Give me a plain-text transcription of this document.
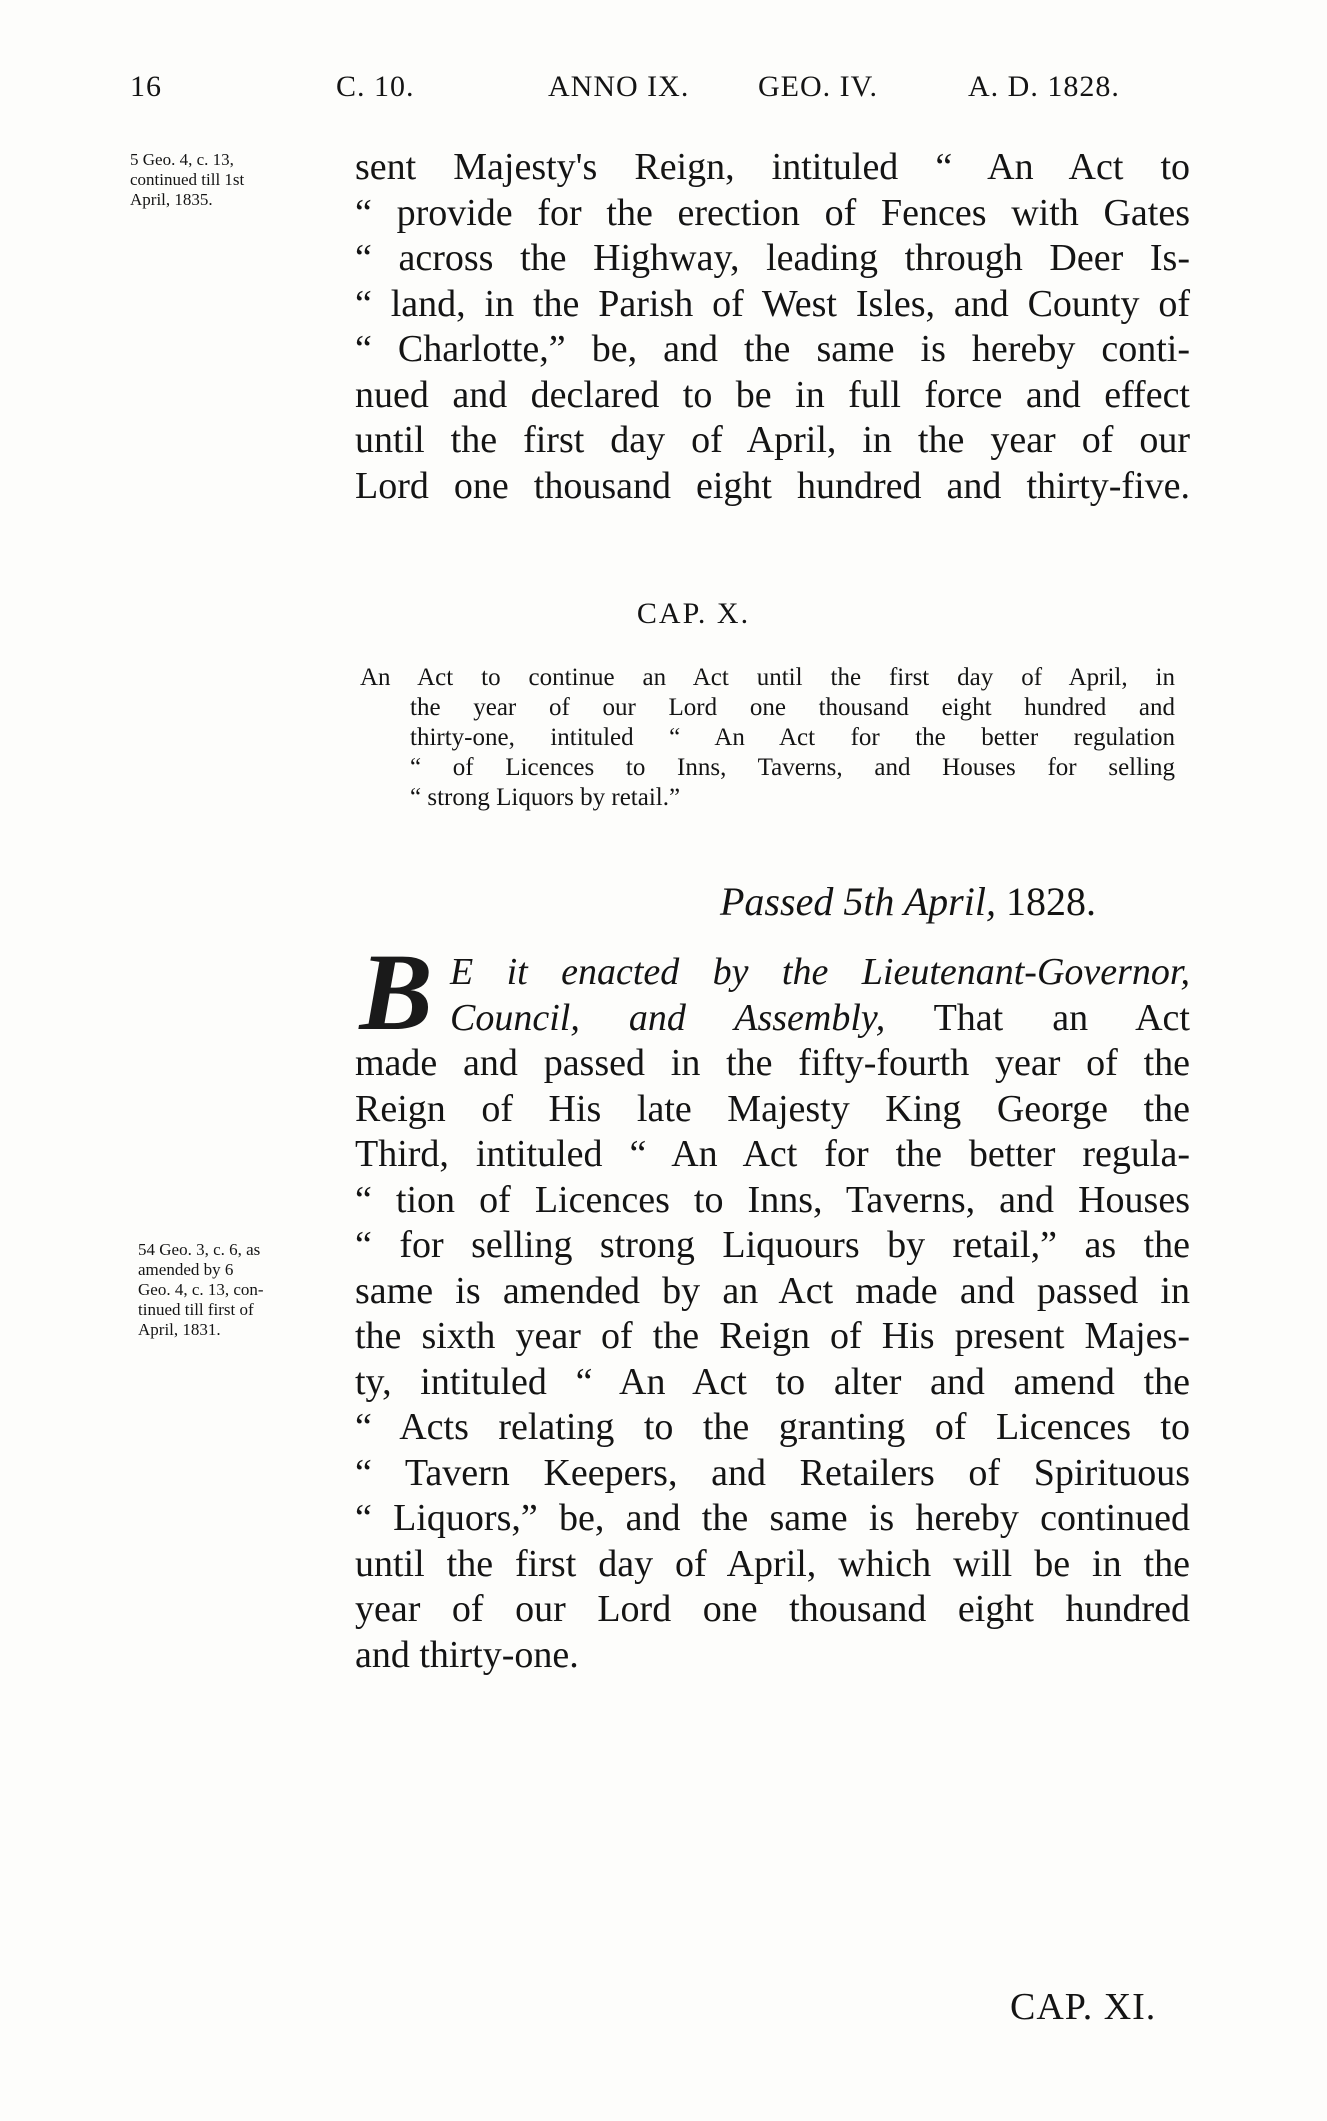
16	C. 10.	ANNO IX. GEO. IV.	A. D. 1828.
5 Geo. 4, c. 13,
continued till 1st
April, 1835.
sent Majesty's Reign, intituled “ An Act to
“ provide for the erection of Fences with Gates
“ across the Highway, leading through Deer Is-
“ land, in the Parish of West Isles, and County of
“ Charlotte,” be, and the same is hereby conti-
nued and declared to be in full force and effect
until the first day of April, in the year of our
Lord one thousand eight hundred and thirty-five.
CAP. X.
An Act to continue an Act until the first day of April, in
the year of our Lord one thousand eight hundred and
thirty-one, intituled “ An Act for the better regulation
“ of Licences to Inns, Taverns, and Houses for selling
“ strong Liquors by retail.”
Passed 5th April, 1828.
B E it enacted by the Lieutenant-Governor,
Council, and Assembly, That an Act
made and passed in the fifty-fourth year of the
Reign of His late Majesty King George the
Third, intituled “ An Act for the better regula-
“ tion of Licences to Inns, Taverns, and Houses
“ for selling strong Liquours by retail,” as the
same is amended by an Act made and passed in
the sixth year of the Reign of His present Majes-
ty, intituled “ An Act to alter and amend the
“ Acts relating to the granting of Licences to
“ Tavern Keepers, and Retailers of Spirituous
“ Liquors,” be, and the same is hereby continued
until the first day of April, which will be in the
year of our Lord one thousand eight hundred
and thirty-one.
54 Geo. 3, c. 6, as
amended by 6
Geo. 4, c. 13, con-
tinued till first of
April, 1831.
CAP. XI.
